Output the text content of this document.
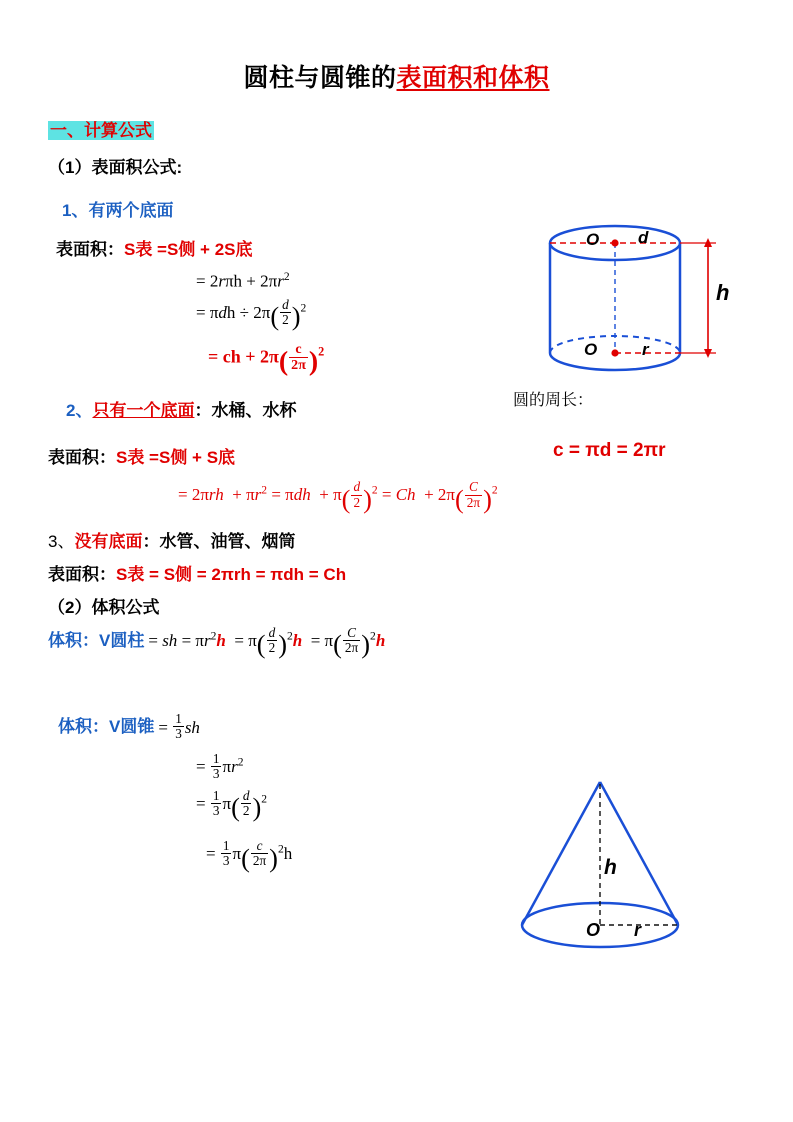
圆柱与圆锥的表面积和体积
一、计算公式
（1）表面积公式:
1、有两个底面
表面积：S表 =S侧 + 2S底
= $2r\pi h + 2\pi r^2$
= $\pi dh \div 2\pi( \frac{d}{2} )^2$
= ch + $2\pi( \frac{c}{2\pi} )^2$
2、只有一个底面：水桶、水杯
表面积：S表 =S侧 + S底
= $2\pi rh + \pi r^2 = \pi dh + \pi( \frac{d}{2} )^2 = Ch + 2\pi( \frac{C}{2\pi} )^2$
3、没有底面：水管、油管、烟筒
表面积：S表 = S侧 = 2πrh = πdh = Ch
（2）体积公式
体积：V圆柱 = sh = $\pi r^2h = \pi( \frac{d}{2} )^2h = \pi( \frac{C}{2\pi} )^2h$
体积：V圆锥 = $\frac{1}{3}$ sh
= $\frac{1}{3} \pi r^2$
= $\frac{1}{3} \pi( \frac{d}{2} )^2$
= $\frac{1}{3} \pi( \frac{c}{2\pi} )^2h$
O d
h
O	r
圆的周长：
c = πd = 2πr
h
O r
